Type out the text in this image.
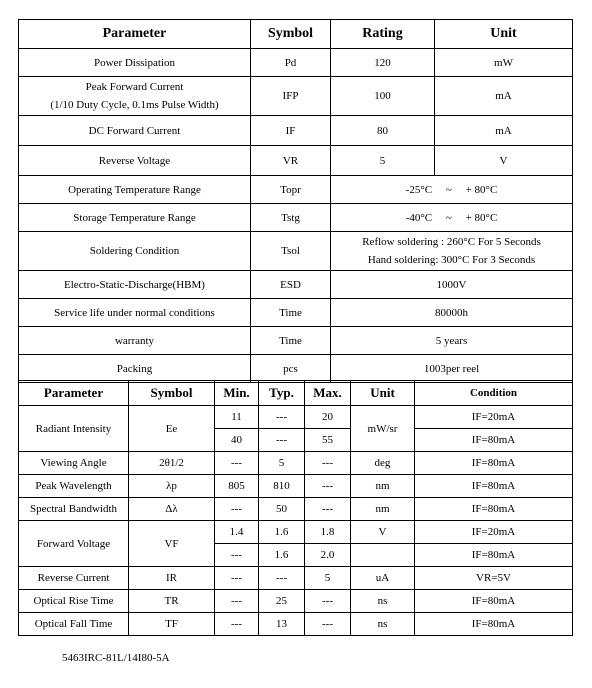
Parameter	Symbol	Rating	Unit
Power Dissipation	Pd	120	mW

Peak Forward Current
(1/10 Duty Cycle, 0.1ms Pulse Width)	IFP	100	mA
DC Forward Current	IF	80	mA
Reverse Voltage	VR	5	V
Operating Temperature Range	Topr	-25°C ~ + 80°C	
Storage Temperature Range	Tstg	-40°C ~ + 80°C	
Soldering Condition	Tsol	Reflow soldering : 260°C For 5 Seconds
Hand soldering: 300°C For 3 Seconds	

Electro-Static-Discharge(HBM)	ESD	1000V	
Service life under normal conditions	Time	80000h	
warranty	Time	5 years	
Packing	pcs	1003per reel	
Parameter	Symbol	Min.	Typ.	Max.	Unit	Condition
Radiant Intensity	Ee	11	---	20	mW/sr	IF=20mA
		40	---	55		IF=80mA
Viewing Angle	2θ1/2	---	5	---	deg	IF=80mA
Peak Wavelength	λp	805	810	---	nm	IF=80mA
Spectral Bandwidth	Δλ	---	50	---	nm	IF=80mA
Forward Voltage	VF	1.4	1.6	1.8	V	IF=20mA
		---	1.6	2.0		IF=80mA
Reverse Current	IR	---	---	5	uA	VR=5V
Optical Rise Time	TR	---	25	---	ns	IF=80mA
Optical Fall Time	TF	---	13	---	ns	IF=80mA
5463IRC-81L/14I80-5A
